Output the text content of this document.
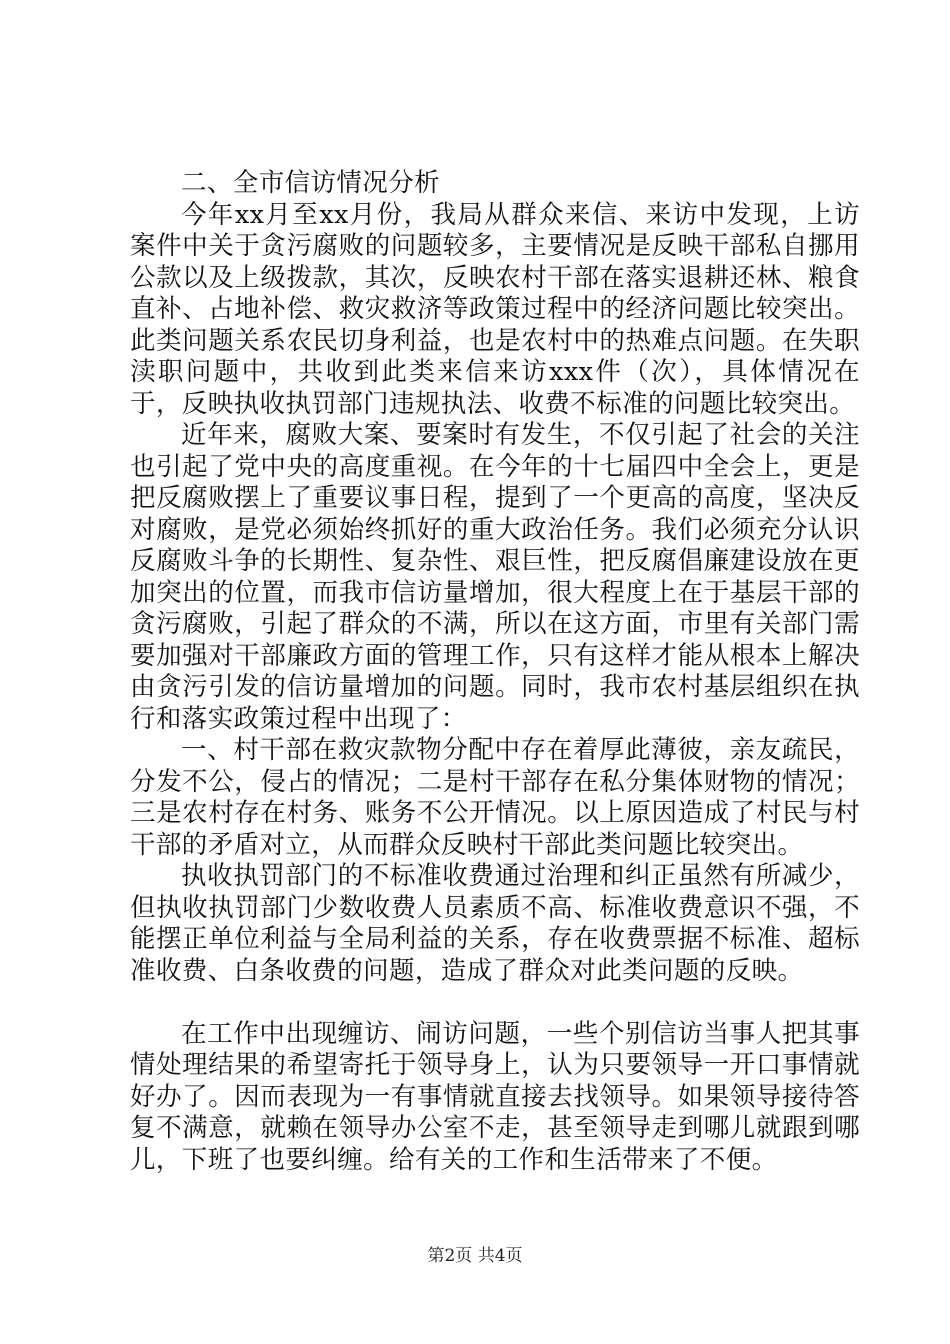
二、全市信访情况分析

今年xx月至xx月份，我局从群众来信、来访中发现，上访案件中关于贪污腐败的问题较多，主要情况是反映干部私自挪用公款以及上级拨款，其次，反映农村干部在落实退耕还林、粮食直补、占地补偿、救灾救济等政策过程中的经济问题比较突出。此类问题关系农民切身利益，也是农村中的热难点问题。在失职渎职问题中，共收到此类来信来访xxx件（次），具体情况在于，反映执收执罚部门违规执法、收费不标准的问题比较突出。

近年来，腐败大案、要案时有发生，不仅引起了社会的关注也引起了党中央的高度重视。在今年的十七届四中全会上，更是把反腐败摆上了重要议事日程，提到了一个更高的高度，坚决反对腐败，是党必须始终抓好的重大政治任务。我们必须充分认识反腐败斗争的长期性、复杂性、艰巨性，把反腐倡廉建设放在更加突出的位置，而我市信访量增加，很大程度上在于基层干部的贪污腐败，引起了群众的不满，所以在这方面，市里有关部门需要加强对干部廉政方面的管理工作，只有这样才能从根本上解决由贪污引发的信访量增加的问题。同时，我市农村基层组织在执行和落实政策过程中出现了：

一、村干部在救灾款物分配中存在着厚此薄彼，亲友疏民，分发不公，侵占的情况；二是村干部存在私分集体财物的情况；三是农村存在村务、账务不公开情况。以上原因造成了村民与村干部的矛盾对立，从而群众反映村干部此类问题比较突出。

执收执罚部门的不标准收费通过治理和纠正虽然有所减少，但执收执罚部门少数收费人员素质不高、标准收费意识不强，不能摆正单位利益与全局利益的关系，存在收费票据不标准、超标准收费、白条收费的问题，造成了群众对此类问题的反映。

在工作中出现缠访、闹访问题，一些个别信访当事人把其事情处理结果的希望寄托于领导身上，认为只要领导一开口事情就好办了。因而表现为一有事情就直接去找领导。如果领导接待答复不满意，就赖在领导办公室不走，甚至领导走到哪儿就跟到哪儿，下班了也要纠缠。给有关的工作和生活带来了不便。

第2页 共4页
